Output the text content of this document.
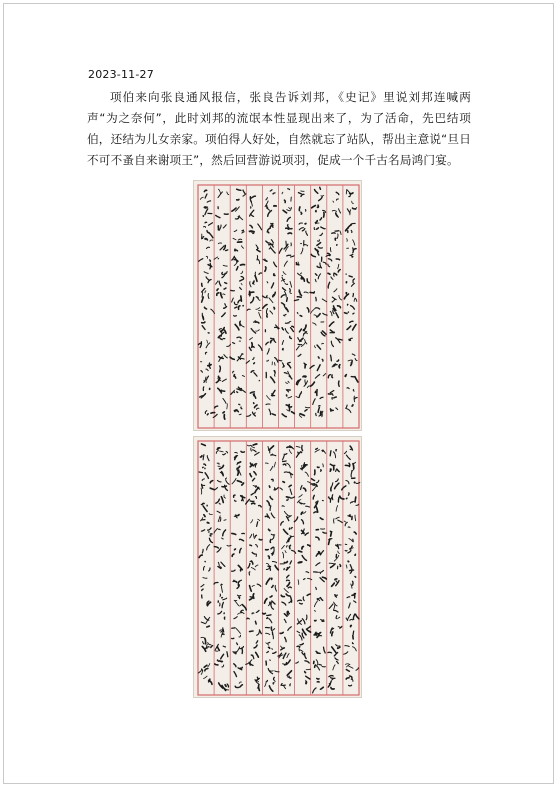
2023-11-27
项伯来向张良通风报信，张良告诉刘邦，《史记》里说刘邦连喊两声“为之奈何”，此时刘邦的流氓本性显现出来了，为了活命，先巴结项伯，还结为儿女亲家。项伯得人好处，自然就忘了站队，帮出主意说“旦日不可不蚤自来谢项王”，然后回营游说项羽，促成一个千古名局鸿门宴。
